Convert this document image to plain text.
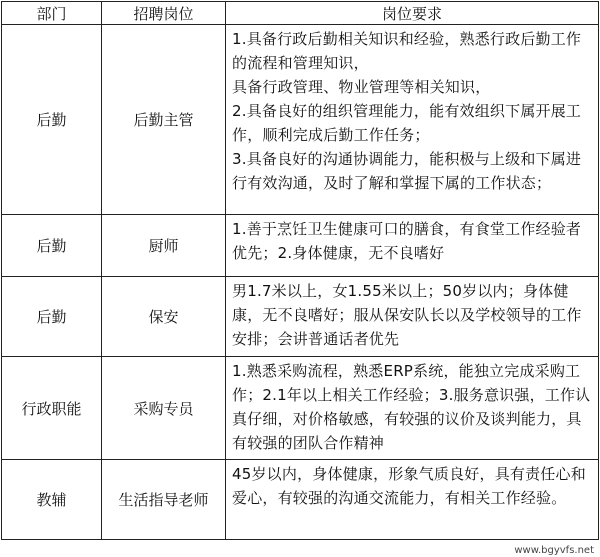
部门	招聘岗位	岗位要求
后勤	后勤主管	1.具备行政后勤相关知识和经验，熟悉行政后勤工作的流程和管理知识，

具备行政管理、物业管理等相关知识，

2.具备良好的组织管理能力，能有效组织下属开展工作，顺利完成后勤工作任务；

3.具备良好的沟通协调能力，能积极与上级和下属进行有效沟通，及时了解和掌握下属的工作状态；

后勤	厨师	1.善于烹饪卫生健康可口的膳食，有食堂工作经验者优先；2.身体健康，无不良嗜好

后勤	保安	男1.7米以上，女1.55米以上；50岁以内；身体健康，无不良嗜好；服从保安队长以及学校领导的工作安排；会讲普通话者优先

行政职能	采购专员	1.熟悉采购流程，熟悉ERP系统，能独立完成采购工作；2.1年以上相关工作经验；3.服务意识强，工作认真仔细，对价格敏感，有较强的议价及谈判能力，具有较强的团队合作精神

教辅	生活指导老师	45岁以内，身体健康，形象气质良好，具有责任心和爱心，有较强的沟通交流能力，有相关工作经验。

www.bgyvfs.net
